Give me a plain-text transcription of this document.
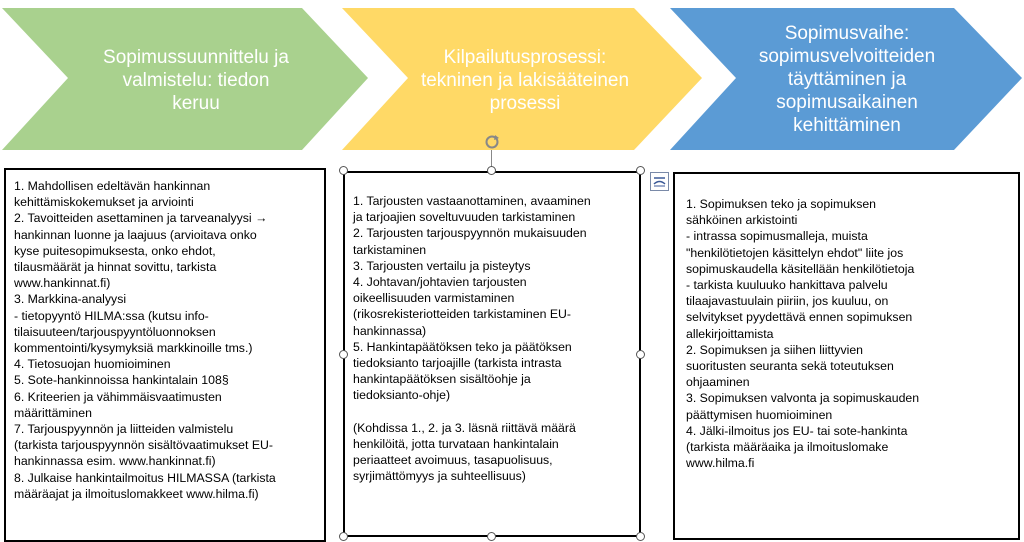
Sopimussuunnittelu ja valmistelu: tiedon keruu
Kilpailutusprosessi: tekninen ja lakisääteinen prosessi
Sopimusvaihe: sopimusvelvoitteiden täyttäminen ja sopimusaikainen kehittäminen
1. Mahdollisen edeltävän hankinnan
kehittämiskokemukset ja arviointi
2. Tavoitteiden asettaminen ja tarveanalyysi →
hankinnan luonne ja laajuus (arvioitava onko
kyse puitesopimuksesta, onko ehdot,
tilausmäärät ja hinnat sovittu, tarkista
www.hankinnat.fi)
3. Markkina-analyysi
- tietopyyntö HILMA:ssa (kutsu info-
tilaisuuteen/tarjouspyyntöluonnoksen
kommentointi/kysymyksiä markkinoille tms.)
4. Tietosuojan huomioiminen
5. Sote-hankinnoissa hankintalain 108§
6. Kriteerien ja vähimmäisvaatimusten
määrittäminen
7. Tarjouspyynnön ja liitteiden valmistelu
(tarkista tarjouspyynnön sisältövaatimukset EU-
hankinnassa esim. www.hankinnat.fi)
8. Julkaise hankintailmoitus HILMASSA (tarkista
määräajat ja ilmoituslomakkeet www.hilma.fi)
1. Tarjousten vastaanottaminen, avaaminen
ja tarjoajien soveltuvuuden tarkistaminen
2. Tarjousten tarjouspyynnön mukaisuuden
tarkistaminen
3. Tarjousten vertailu ja pisteytys
4. Johtavan/johtavien tarjousten
oikeellisuuden varmistaminen
(rikosrekisteriotteiden tarkistaminen EU-
hankinnassa)
5. Hankintapäätöksen teko ja päätöksen
tiedoksianto tarjoajille (tarkista intrasta
hankintapäätöksen sisältöohje ja
tiedoksianto-ohje)
(Kohdissa 1., 2. ja 3. läsnä riittävä määrä
henkilöitä, jotta turvataan hankintalain
periaatteet avoimuus, tasapuolisuus,
syrjimättömyys ja suhteellisuus)
1. Sopimuksen teko ja sopimuksen
sähköinen arkistointi
- intrassa sopimusmalleja, muista
"henkilötietojen käsittelyn ehdot" liite jos
sopimuskaudella käsitellään henkilötietoja
- tarkista kuuluuko hankittava palvelu
tilaajavastuulain piiriin, jos kuuluu, on
selvitykset pyydettävä ennen sopimuksen
allekirjoittamista
2. Sopimuksen ja siihen liittyvien
suoritusten seuranta sekä toteutuksen
ohjaaminen
3. Sopimuksen valvonta ja sopimuskauden
päättymisen huomioiminen
4. Jälki-ilmoitus jos EU- tai sote-hankinta
(tarkista määräaika ja ilmoituslomake
www.hilma.fi
